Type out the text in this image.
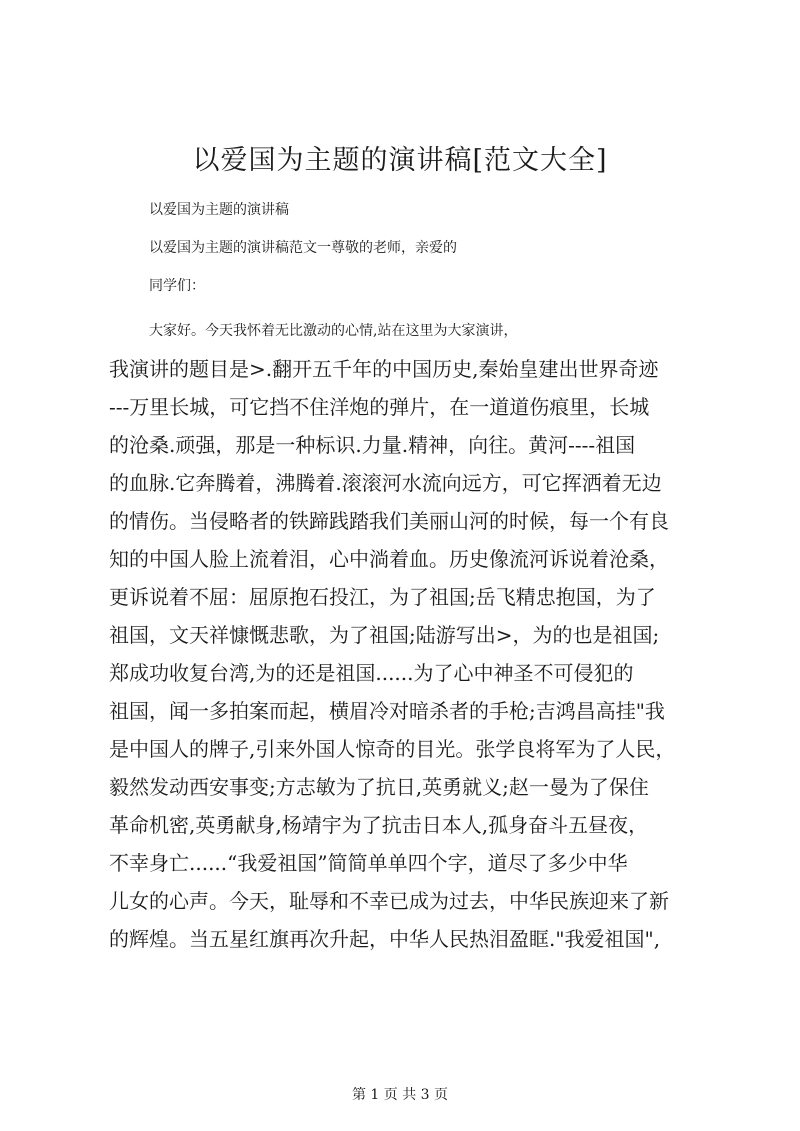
以爱国为主题的演讲稿[范文大全]

以爱国为主题的演讲稿

以爱国为主题的演讲稿范文一尊敬的老师，亲爱的

同学们：

大家好。今天我怀着无比激动的心情,站在这里为大家演讲，

我演讲的题目是>.翻开五千年的中国历史,秦始皇建出世界奇迹

---万里长城，可它挡不住洋炮的弹片，在一道道伤痕里，长城

的沧桑.顽强，那是一种标识.力量.精神，向往。黄河----祖国

的血脉.它奔腾着，沸腾着.滚滚河水流向远方，可它挥洒着无边

的情伤。当侵略者的铁蹄践踏我们美丽山河的时候，每一个有良

知的中国人脸上流着泪，心中淌着血。历史像流河诉说着沧桑，

更诉说着不屈：屈原抱石投江，为了祖国;岳飞精忠抱国，为了

祖国，文天祥慷慨悲歌，为了祖国;陆游写出>，为的也是祖国;

郑成功收复台湾,为的还是祖国......为了心中神圣不可侵犯的

祖国，闻一多拍案而起，横眉冷对暗杀者的手枪;吉鸿昌高挂"我

是中国人的牌子,引来外国人惊奇的目光。张学良将军为了人民，

毅然发动西安事变;方志敏为了抗日,英勇就义;赵一曼为了保住

革命机密,英勇献身,杨靖宇为了抗击日本人,孤身奋斗五昼夜，

不幸身亡......“我爱祖国”简简单单四个字，道尽了多少中华

儿女的心声。今天，耻辱和不幸已成为过去，中华民族迎来了新

的辉煌。当五星红旗再次升起，中华人民热泪盈眶."我爱祖国",

第 1 页 共 3 页
